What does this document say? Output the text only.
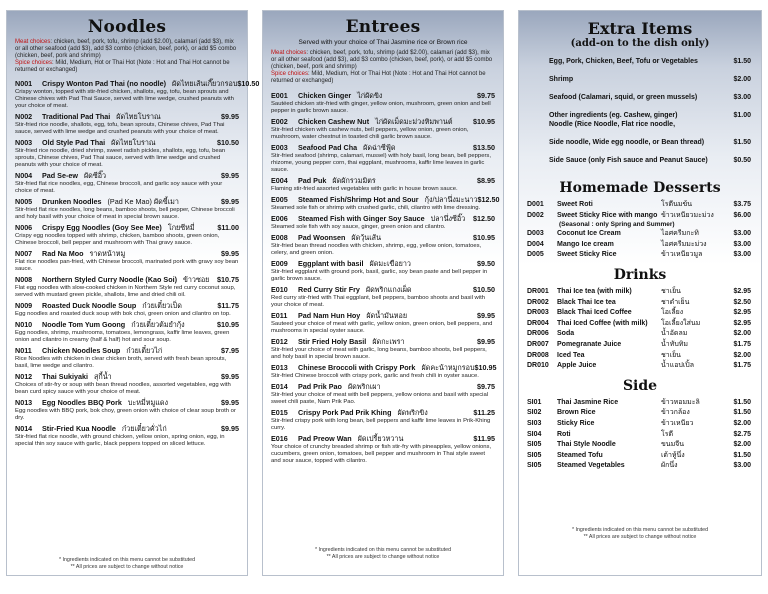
Noodles
Meat choices: chicken, beef, pork, tofu, shrimp (add $2.00), calamari (add $3), mix or all other seafood (add $3), add $3 combo (chicken, beef, pork), or add $5 combo (chicken, beef, pork and shrimp)
Spice choices: Mild, Medium, Hot or Thai Hot (Note : Hot and Thai Hot cannot be returned or exchanged)
N001	Crispy Wonton Pad Thai (no noodle) ผัดไทยเส้นเกี๊ยวกรอบ $10.50
Crispy wonton, topped with stir-fried chicken, shallots, egg, tofu, bean sprouts and Chinese chives with Pad Thai Sauce, served with lime wedge, crushed peanuts with your choice of meat.
N002	Traditional Pad Thai ผัดไทยโบราณ	$9.95
Stir-fried rice noodle, shallots, egg, tofu, bean sprouts, Chinese chives, Pad Thai sauce, served with lime wedge and crushed peanuts with your choice of meat.
N003	Old Style Pad Thai ผัดไทยโบราณ	$10.50
Stir-fried rice noodle, dried shrimp, sweet radish pickles, shallots, egg, tofu, bean sprouts, Chinese chives, Pad Thai sauce, served with lime wedge and crushed peanuts with your choice of meat.
N004	Pad Se-ew ผัดซีอิ๊ว	$9.95
Stir-fried flat rice noodles, egg, Chinese broccoli, and garlic soy sauce with your choice of meat.
N005	Drunken Noodles (Pad Ke Mao) ผัดขี้เมา	$9.95
Stir-fried flat rice noodles, long beans, bamboo shoots, bell pepper, Chinese broccoli and holy basil with your choice of meat in special brown sauce.
N006	Crispy Egg Noodles (Goy See Mee) โกยซีหมี่	$11.00
Crispy egg noodles topped with shrimp, chicken, bamboo shoots, green onion, Chinese broccoli, bell pepper and mushroom with Thai gravy sauce.
N007	Rad Na Moo ราดหน้าหมู	$9.95
Flat rice noodles pan-fried, with Chinese broccoli, marinated pork with gravy soy bean sauce.
N008	Northern Styled Curry Noodle (Kao Soi) ข้าวซอย $10.75
Flat egg noodles with slow-cooked chicken in Northern Style red curry coconut soup, served with mustard green pickle, shallots, lime and dried chili oil.
N009	Roasted Duck Noodle Soup ก๋วยเตี๋ยวเป็ด	$11.75
Egg noodles and roasted duck soup with bok choi, green onion and cilantro on top.
N010	Noodle Tom Yum Goong ก๋วยเตี๋ยวต้มยำกุ้ง	$10.95
Egg noodles, shrimp, mushrooms, tomatoes, lemongrass, kaffir lime leaves, green onion and cilantro in creamy (half & half) hot and sour soup.
N011	Chicken Noodles Soup ก๋วยเตี๋ยวไก่	$7.95
Rice Noodles with chicken in clear chicken broth, served with fresh bean sprouts, basil, lime wedge and cilantro.
N012	Thai Sukiyaki สุกี้น้ำ	$9.95
Choices of stir-fry or soup with bean thread noodles, assorted vegetables, egg with bean curd spicy sauce with your choice of meat.
N013	Egg Noodles BBQ Pork บะหมี่หมูแดง	$9.95
Egg noodles with BBQ pork, bok choy, green onion with choice of clear soup broth or dry.
N014	Stir-Fried Kua Noodle ก๋วยเตี๋ยวคั่วไก่	$9.95
Stir-fried flat rice noodle, with ground chicken, yellow onion, spring onion, egg, in special thin soy sauce with garlic, black peppers topped on sliced lettuce.
* Ingredients indicated on this menu cannot be substituted
** All prices are subject to change without notice
Entrees
Served with your choice of Thai Jasmine rice or Brown rice
Meat choices: chicken, beef, pork, tofu, shrimp (add $2.00), calamari (add $3), mix or all other seafood (add $3), add $3 combo (chicken, beef, pork), or add $5 combo (chicken, beef, pork and shrimp)
Spice choices: Mild, Medium, Hot or Thai Hot (Note : Hot and Thai Hot cannot be returned or exchanged)
E001	Chicken Ginger ไก่ผัดขิง	$9.75
Sautéed chicken stir-fried with ginger, yellow onion, mushroom, green onion and bell pepper in garlic brown sauce.
E002	Chicken Cashew Nut ไก่ผัดเม็ดมะม่วงหิมพานต์	$10.95
Stir-fried chicken with cashew nuts, bell peppers, yellow onion, green onion, mushroom, water chestnut in toasted chili garlic brown sauce.
E003	Seafood Pad Cha ผัดฉ่าซีฟู้ด	$13.50
Stir-fried seafood (shrimp, calamari, mussel) with holy basil, long bean, bell peppers, rhizome, young pepper corn, thai eggplant, mushrooms, kaffir lime leaves in garlic sauce.
E004	Pad Puk ผัดผักรวมมิตร	$8.95
Flaming stir-fried assorted vegetables with garlic in house brown sauce.
E005	Steamed Fish/Shrimp Hot and Sour กุ้ง/ปลานึ่งมะนาว $12.50
Steamed sole fish or shrimp with crushed garlic, chili, cilantro with lime dressing.
E006	Steamed Fish with Ginger Soy Sauce ปลานึ่งซีอิ๊ว $12.50
Steamed sole fish with soy sauce, ginger, green onion and cilantro.
E008	Pad Woonsen ผัดวุ้นเส้น	$10.95
Stir-fried bean thread noodles with chicken, shrimp, egg, yellow onion, tomatoes, celery, and green onion.
E009	Eggplant with basil ผัดมะเขือยาว	$9.50
Stir-fried eggplant with ground pork, basil, garlic, soy bean paste and bell pepper in garlic brown sauce.
E010	Red Curry Stir Fry ผัดพริกแกงเผ็ด	$10.50
Red curry stir-fried with Thai eggplant, bell peppers, bamboo shoots and basil with your choice of meat.
E011	Pad Nam Hun Hoy ผัดน้ำมันหอย	$9.95
Sauteed your choice of meat with garlic, yellow onion, green onion, bell peppers, and mushrooms in special oyster sauce.
E012	Stir Fried Holy Basil ผัดกะเพรา	$9.95
Stir-fried your choice of meat with garlic, long beans, bamboo shoots, bell peppers, and holy basil in special brown sauce.
E013	Chinese Broccoli with Crispy Pork ผัดคะน้าหมูกรอบ $10.95
Stir-fried Chinese broccoli with crispy pork, garlic and fresh chili in oyster sauce.
E014	Pad Prik Pao ผัดพริกเผา	$9.75
Stir-fried your choice of meat with bell peppers, yellow onions and basil with special sweet chili paste, Nam Prik Pao.
E015	Crispy Pork Pad Prik Khing ผัดพริกขิง	$11.25
Stir-fried crispy pork with long bean, bell peppers and kaffir lime leaves in Prik-Khing curry.
E016	Pad Preow Wan ผัดเปรี้ยวหวาน	$11.95
Your choice of crunchy breaded shrimp or fish stir-fry with pineapples, yellow onions, cucumbers, green onion, tomatoes, bell pepper and mushroom in Thai style sweet and sour sauce, topped with cilantro.
* Ingredients indicated on this menu cannot be substituted
** All prices are subject to change without notice
Extra Items
(add-on to the dish only)
Egg, Pork, Chicken, Beef, Tofu or Vegetables	$1.50
Shrimp	$2.00
Seafood (Calamari, squid, or green mussels)	$3.00
Other ingredients (eg. Cashew, ginger)	$1.00
Noodle (Rice Noodle, Flat rice noodle,
Side noodle, Wide egg noodle, or Bean thread)	$1.50
Side Sauce (only Fish sauce and Peanut Sauce)	$0.50
Homemade Desserts
D001	Sweet Roti	โรตีนมข้น	$3.75
D002	Sweet Sticky Rice with mango ข้าวเหนียวมะม่วง	$6.00
(Seasonal : only Spring and Summer)
D003	Coconut Ice Cream	ไอศครีมกะทิ	$3.00
D004	Mango Ice cream	ไอศครีมมะม่วง	$3.00
D005	Sweet Sticky Rice	ข้าวเหนียวมูล	$3.00
Drinks
DR001	Thai Ice tea (with milk)	ชาเย็น	$2.95
DR002	Black Thai Ice tea	ชาดำเย็น	$2.50
DR003	Black Thai Iced Coffee	โอเลี้ยง	$2.95
DR004	Thai Iced Coffee (with milk)	โอเลี้ยงใส่นม	$2.95
DR006	Soda	น้ำอัดลม	$2.00
DR007	Pomegranate Juice	น้ำทับทิม	$1.75
DR008	Iced Tea	ชาเย็น	$2.00
DR010	Apple Juice	น้ำแอปเปิ้ล	$1.75
Side
SI01	Thai Jasmine Rice	ข้าวหอมมะลิ	$1.50
SI02	Brown Rice	ข้าวกล้อง	$1.50
SI03	Sticky Rice	ข้าวเหนียว	$2.00
SI04	Roti	โรตี	$2.75
SI05	Thai Style Noodle	ขนมจีน	$2.00
SI05	Steamed Tofu	เต้าหู้นึ่ง	$1.50
SI05	Steamed Vegetables	ผักนึ่ง	$3.00
* Ingredients indicated on this menu cannot be substituted
** All prices are subject to change without notice
